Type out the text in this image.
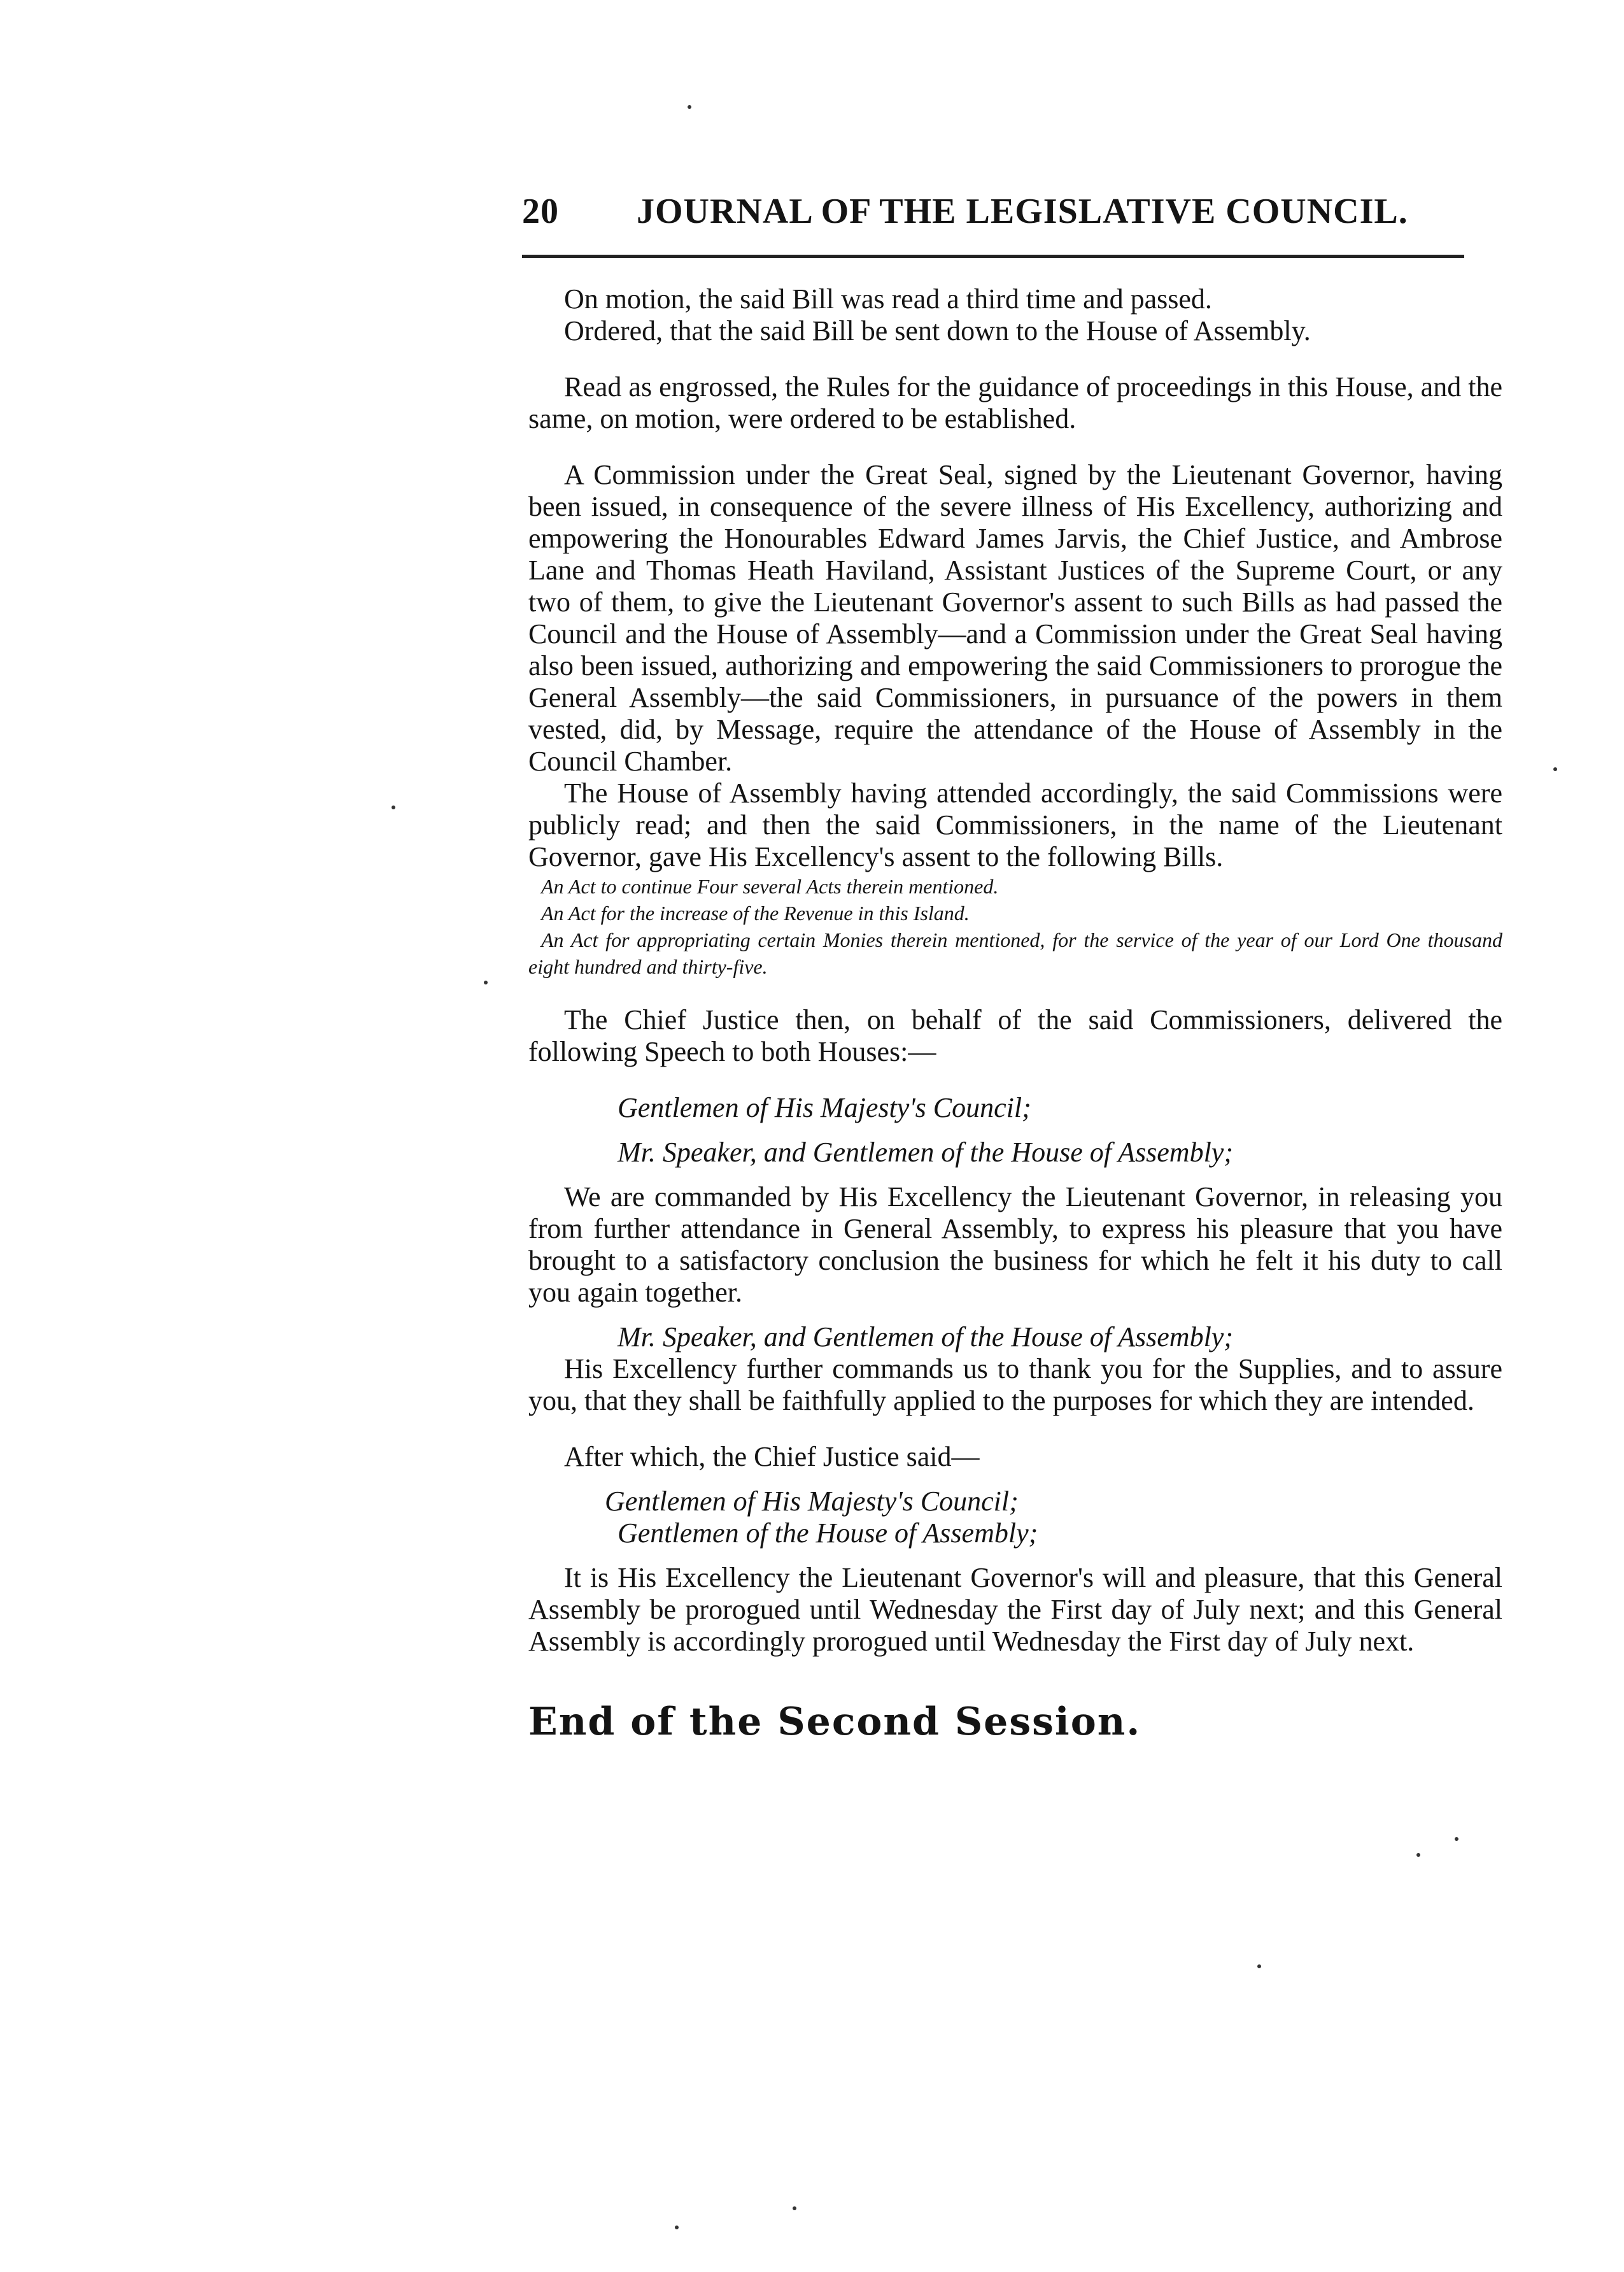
20 JOURNAL OF THE LEGISLATIVE COUNCIL.

On motion, the said Bill was read a third time and passed.

Ordered, that the said Bill be sent down to the House of Assembly.

Read as engrossed, the Rules for the guidance of proceedings in this House, and the same, on motion, were ordered to be established.

A Commission under the Great Seal, signed by the Lieutenant Governor, having been issued, in consequence of the severe illness of His Excellency, authorizing and empowering the Honourables Edward James Jarvis, the Chief Justice, and Ambrose Lane and Thomas Heath Haviland, Assistant Justices of the Supreme Court, or any two of them, to give the Lieutenant Governor's assent to such Bills as had passed the Council and the House of Assembly—and a Commission under the Great Seal having also been issued, authorizing and empowering the said Commissioners to prorogue the General Assembly—the said Commissioners, in pursuance of the powers in them vested, did, by Message, require the attendance of the House of Assembly in the Council Chamber.

The House of Assembly having attended accordingly, the said Commissions were publicly read; and then the said Commissioners, in the name of the Lieutenant Governor, gave His Excellency's assent to the following Bills.

An Act to continue Four several Acts therein mentioned.

An Act for the increase of the Revenue in this Island.

An Act for appropriating certain Monies therein mentioned, for the service of the year of our Lord One thousand eight hundred and thirty-five.

The Chief Justice then, on behalf of the said Commissioners, delivered the following Speech to both Houses:—

Gentlemen of His Majesty's Council;

Mr. Speaker, and Gentlemen of the House of Assembly;

We are commanded by His Excellency the Lieutenant Governor, in releasing you from further attendance in General Assembly, to express his pleasure that you have brought to a satisfactory conclusion the business for which he felt it his duty to call you again together.

Mr. Speaker, and Gentlemen of the House of Assembly;

His Excellency further commands us to thank you for the Supplies, and to assure you, that they shall be faithfully applied to the purposes for which they are intended.

After which, the Chief Justice said—

Gentlemen of His Majesty's Council;

Gentlemen of the House of Assembly;

It is His Excellency the Lieutenant Governor's will and pleasure, that this General Assembly be prorogued until Wednesday the First day of July next; and this General Assembly is accordingly prorogued until Wednesday the First day of July next.

End of the Second Session.
